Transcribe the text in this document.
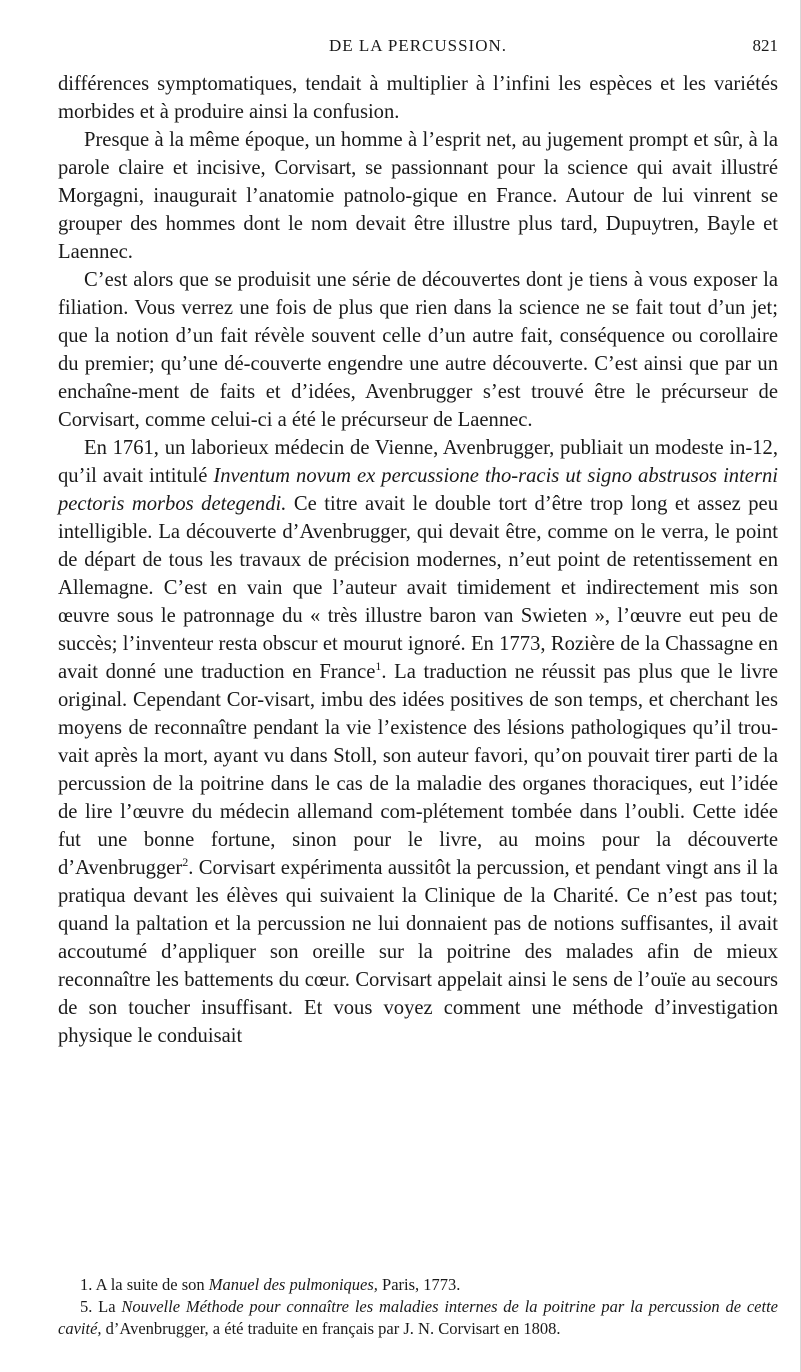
DE LA PERCUSSION.	821

différences symptomatiques, tendait à multiplier à l’infini les espèces et les variétés morbides et à produire ainsi la confusion.

Presque à la même époque, un homme à l’esprit net, au jugement prompt et sûr, à la parole claire et incisive, Corvisart, se passionnant pour la science qui avait illustré Morgagni, inaugurait l’anatomie patnolo-gique en France. Autour de lui vinrent se grouper des hommes dont le nom devait être illustre plus tard, Dupuytren, Bayle et Laennec.

C’est alors que se produisit une série de découvertes dont je tiens à vous exposer la filiation. Vous verrez une fois de plus que rien dans la science ne se fait tout d’un jet; que la notion d’un fait révèle souvent celle d’un autre fait, conséquence ou corollaire du premier; qu’une dé-couverte engendre une autre découverte. C’est ainsi que par un enchaîne-ment de faits et d’idées, Avenbrugger s’est trouvé être le précurseur de Corvisart, comme celui-ci a été le précurseur de Laennec.

En 1761, un laborieux médecin de Vienne, Avenbrugger, publiait un modeste in-12, qu’il avait intitulé Inventum novum ex percussione tho-racis ut signo abstrusos interni pectoris morbos detegendi. Ce titre avait le double tort d’être trop long et assez peu intelligible. La découverte d’Avenbrugger, qui devait être, comme on le verra, le point de départ de tous les travaux de précision modernes, n’eut point de retentissement en Allemagne. C’est en vain que l’auteur avait timidement et indirectement mis son œuvre sous le patronnage du « très illustre baron van Swieten », l’œuvre eut peu de succès; l’inventeur resta obscur et mourut ignoré. En 1773, Rozière de la Chassagne en avait donné une traduction en France$^1$. La traduction ne réussit pas plus que le livre original. Cependant Cor-visart, imbu des idées positives de son temps, et cherchant les moyens de reconnaître pendant la vie l’existence des lésions pathologiques qu’il trou-vait après la mort, ayant vu dans Stoll, son auteur favori, qu’on pouvait tirer parti de la percussion de la poitrine dans le cas de la maladie des organes thoraciques, eut l’idée de lire l’œuvre du médecin allemand com-plétement tombée dans l’oubli. Cette idée fut une bonne fortune, sinon pour le livre, au moins pour la découverte d’Avenbrugger$^2$. Corvisart expérimenta aussitôt la percussion, et pendant vingt ans il la pratiqua devant les élèves qui suivaient la Clinique de la Charité. Ce n’est pas tout; quand la paltation et la percussion ne lui donnaient pas de notions suffisantes, il avait accoutumé d’appliquer son oreille sur la poitrine des malades afin de mieux reconnaître les battements du cœur. Corvisart appelait ainsi le sens de l’ouïe au secours de son toucher insuffisant. Et vous voyez comment une méthode d’investigation physique le conduisait

1. A la suite de son Manuel des pulmoniques, Paris, 1773.

5. La Nouvelle Méthode pour connaître les maladies internes de la poitrine par la percussion de cette cavité, d’Avenbrugger, a été traduite en français par J. N. Corvisart en 1808.
